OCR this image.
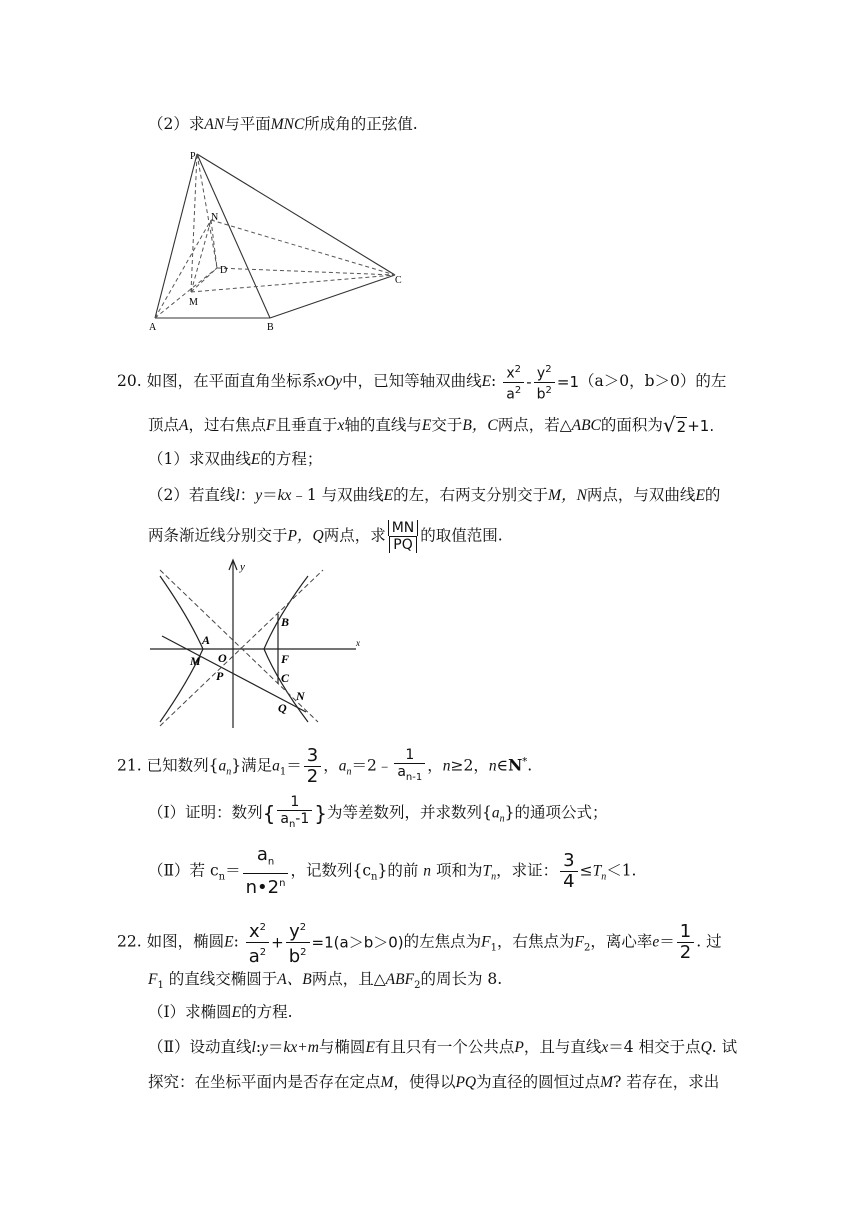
（2）求AN与平面MNC所成角的正弦值.
P
N
D
M
A	B
C
20. 如图，在平面直角坐标系xOy中，已知等轴双曲线E: $\frac{x^2}{a^2} - \frac{y^2}{b^2} =1(a>0$，b＞0）的左
顶点A，过右焦点F且垂直于x轴的直线与E交于B，C两点，若△ABC的面积为√2+1.
（1）求双曲线E的方程；
（2）若直线l：y＝kx﹣1 与双曲线E的左，右两支分别交于M，N两点，与双曲线E的
两条渐近线分别交于P，Q两点，求 $\frac{MN}{PQ}$ 的取值范围.
A
B
O	F
C
M
P
N
Q
y
x
21. 已知数列$\{a_n\}$满足$a_1= \frac{3}{2}$ ，$a_n=2﹣ \frac{1}{a_{n-1}}$ ，n≥2，n∈N*.
（Ⅰ）证明：数列{ $\frac{1}{a_n-1}$ }为等差数列，并求数列$\{a_n\}$的通项公式；
（Ⅱ）若 $c_n= \frac{a_n}{n•2^n}$ ，记数列$\{c_n\}$的前 n 项和为$T_n$，求证： $\frac{3}{4} \le T_n<1$.
22. 如图，椭圆E: $\frac{x^2}{a^2} + \frac{y^2}{b^2} =1(a>b>0)$的左焦点为$F_1$，右焦点为$F_2$，离心率$e= \frac{1}{2}$ . 过
$F_1$ 的直线交椭圆于A、B两点，且$\triangle ABF_2$的周长为 8.
（Ⅰ）求椭圆E的方程.
（Ⅱ）设动直线l:y＝kx+m与椭圆E有且只有一个公共点P，且与直线x＝4 相交于点Q. 试
探究：在坐标平面内是否存在定点M，使得以PQ为直径的圆恒过点M? 若存在，求出
